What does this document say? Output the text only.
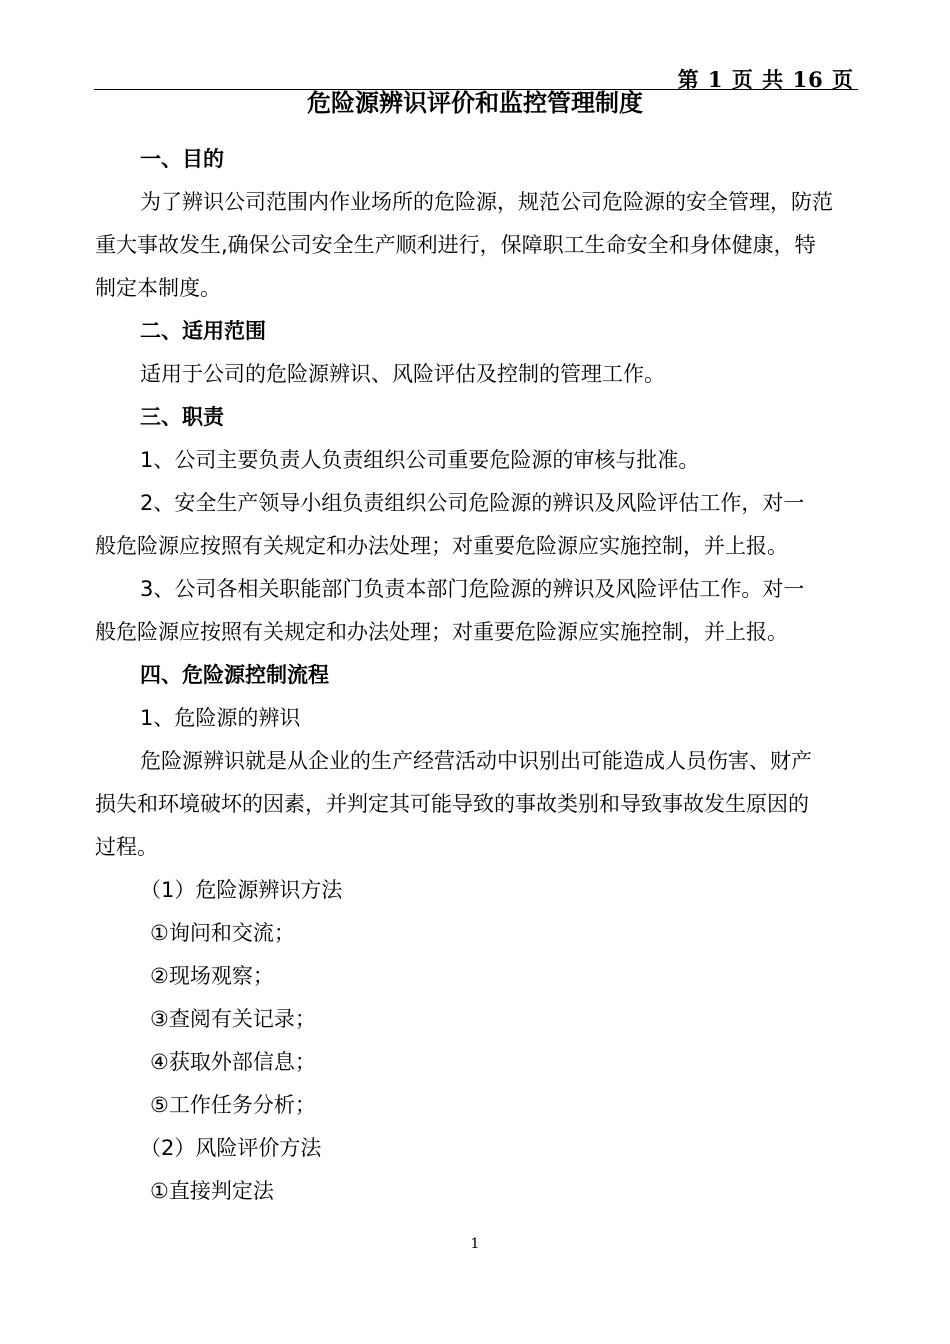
第 1 页 共 16 页
危险源辨识评价和监控管理制度
一、目的
为了辨识公司范围内作业场所的危险源，规范公司危险源的安全管理，防范
重大事故发生,确保公司安全生产顺利进行，保障职工生命安全和身体健康，特
制定本制度。
二、适用范围
适用于公司的危险源辨识、风险评估及控制的管理工作。
三、职责
1、公司主要负责人负责组织公司重要危险源的审核与批准。
2、安全生产领导小组负责组织公司危险源的辨识及风险评估工作，对一
般危险源应按照有关规定和办法处理；对重要危险源应实施控制，并上报。
3、公司各相关职能部门负责本部门危险源的辨识及风险评估工作。对一
般危险源应按照有关规定和办法处理；对重要危险源应实施控制，并上报。
四、危险源控制流程
1、危险源的辨识
危险源辨识就是从企业的生产经营活动中识别出可能造成人员伤害、财产
损失和环境破坏的因素，并判定其可能导致的事故类别和导致事故发生原因的
过程。
（1）危险源辨识方法
①询问和交流；
②现场观察；
③查阅有关记录；
④获取外部信息；
⑤工作任务分析；
（2）风险评价方法
①直接判定法
1
